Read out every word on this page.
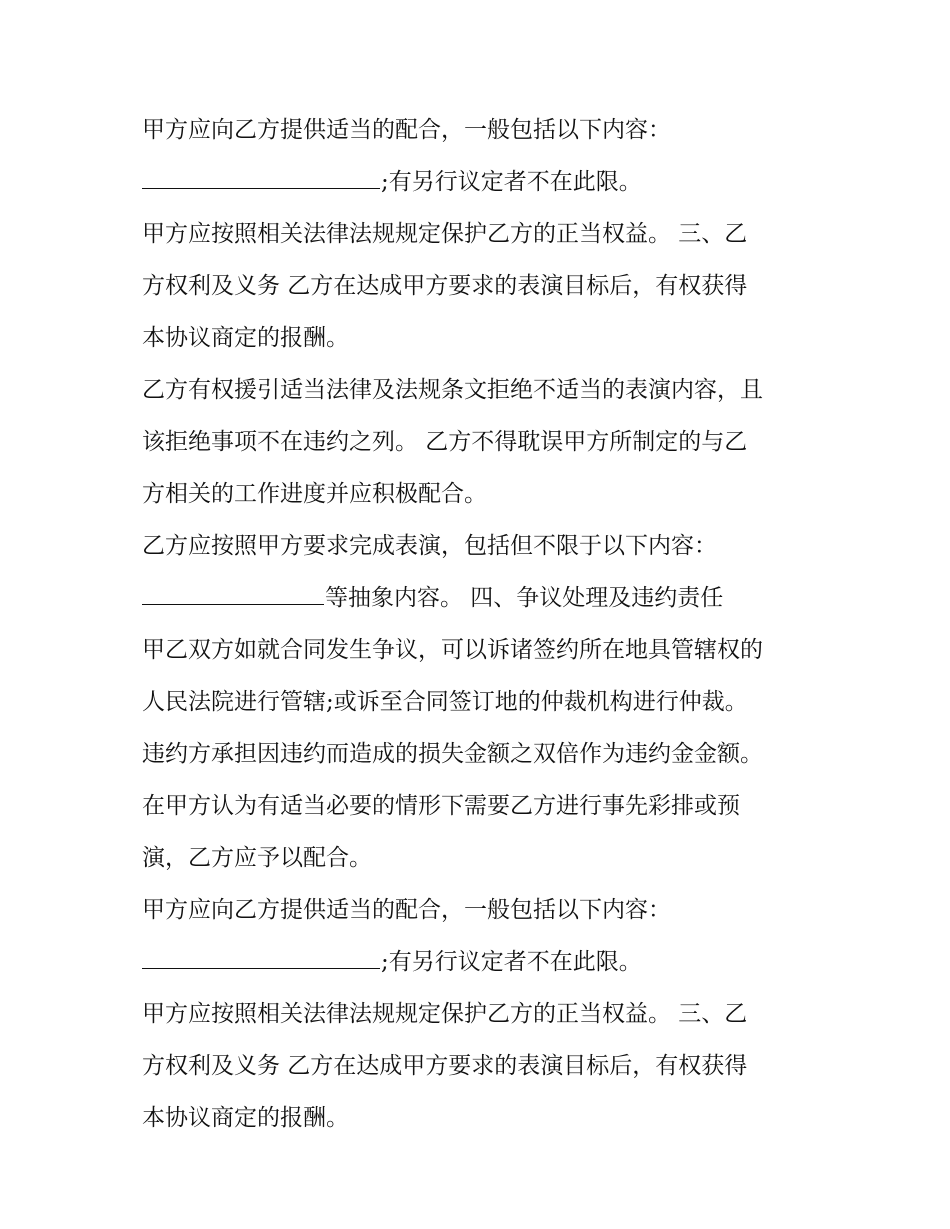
甲方应向乙方提供适当的配合，一般包括以下内容：
;有另行议定者不在此限。
甲方应按照相关法律法规规定保护乙方的正当权益。 三、乙
方权利及义务 乙方在达成甲方要求的表演目标后，有权获得
本协议商定的报酬。
乙方有权援引适当法律及法规条文拒绝不适当的表演内容，且
该拒绝事项不在违约之列。 乙方不得耽误甲方所制定的与乙
方相关的工作进度并应积极配合。
乙方应按照甲方要求完成表演，包括但不限于以下内容：
等抽象内容。 四、争议处理及违约责任
甲乙双方如就合同发生争议，可以诉诸签约所在地具管辖权的
人民法院进行管辖;或诉至合同签订地的仲裁机构进行仲裁。
违约方承担因违约而造成的损失金额之双倍作为违约金金额。
在甲方认为有适当必要的情形下需要乙方进行事先彩排或预
演，乙方应予以配合。
甲方应向乙方提供适当的配合，一般包括以下内容：
;有另行议定者不在此限。
甲方应按照相关法律法规规定保护乙方的正当权益。 三、乙
方权利及义务 乙方在达成甲方要求的表演目标后，有权获得
本协议商定的报酬。
